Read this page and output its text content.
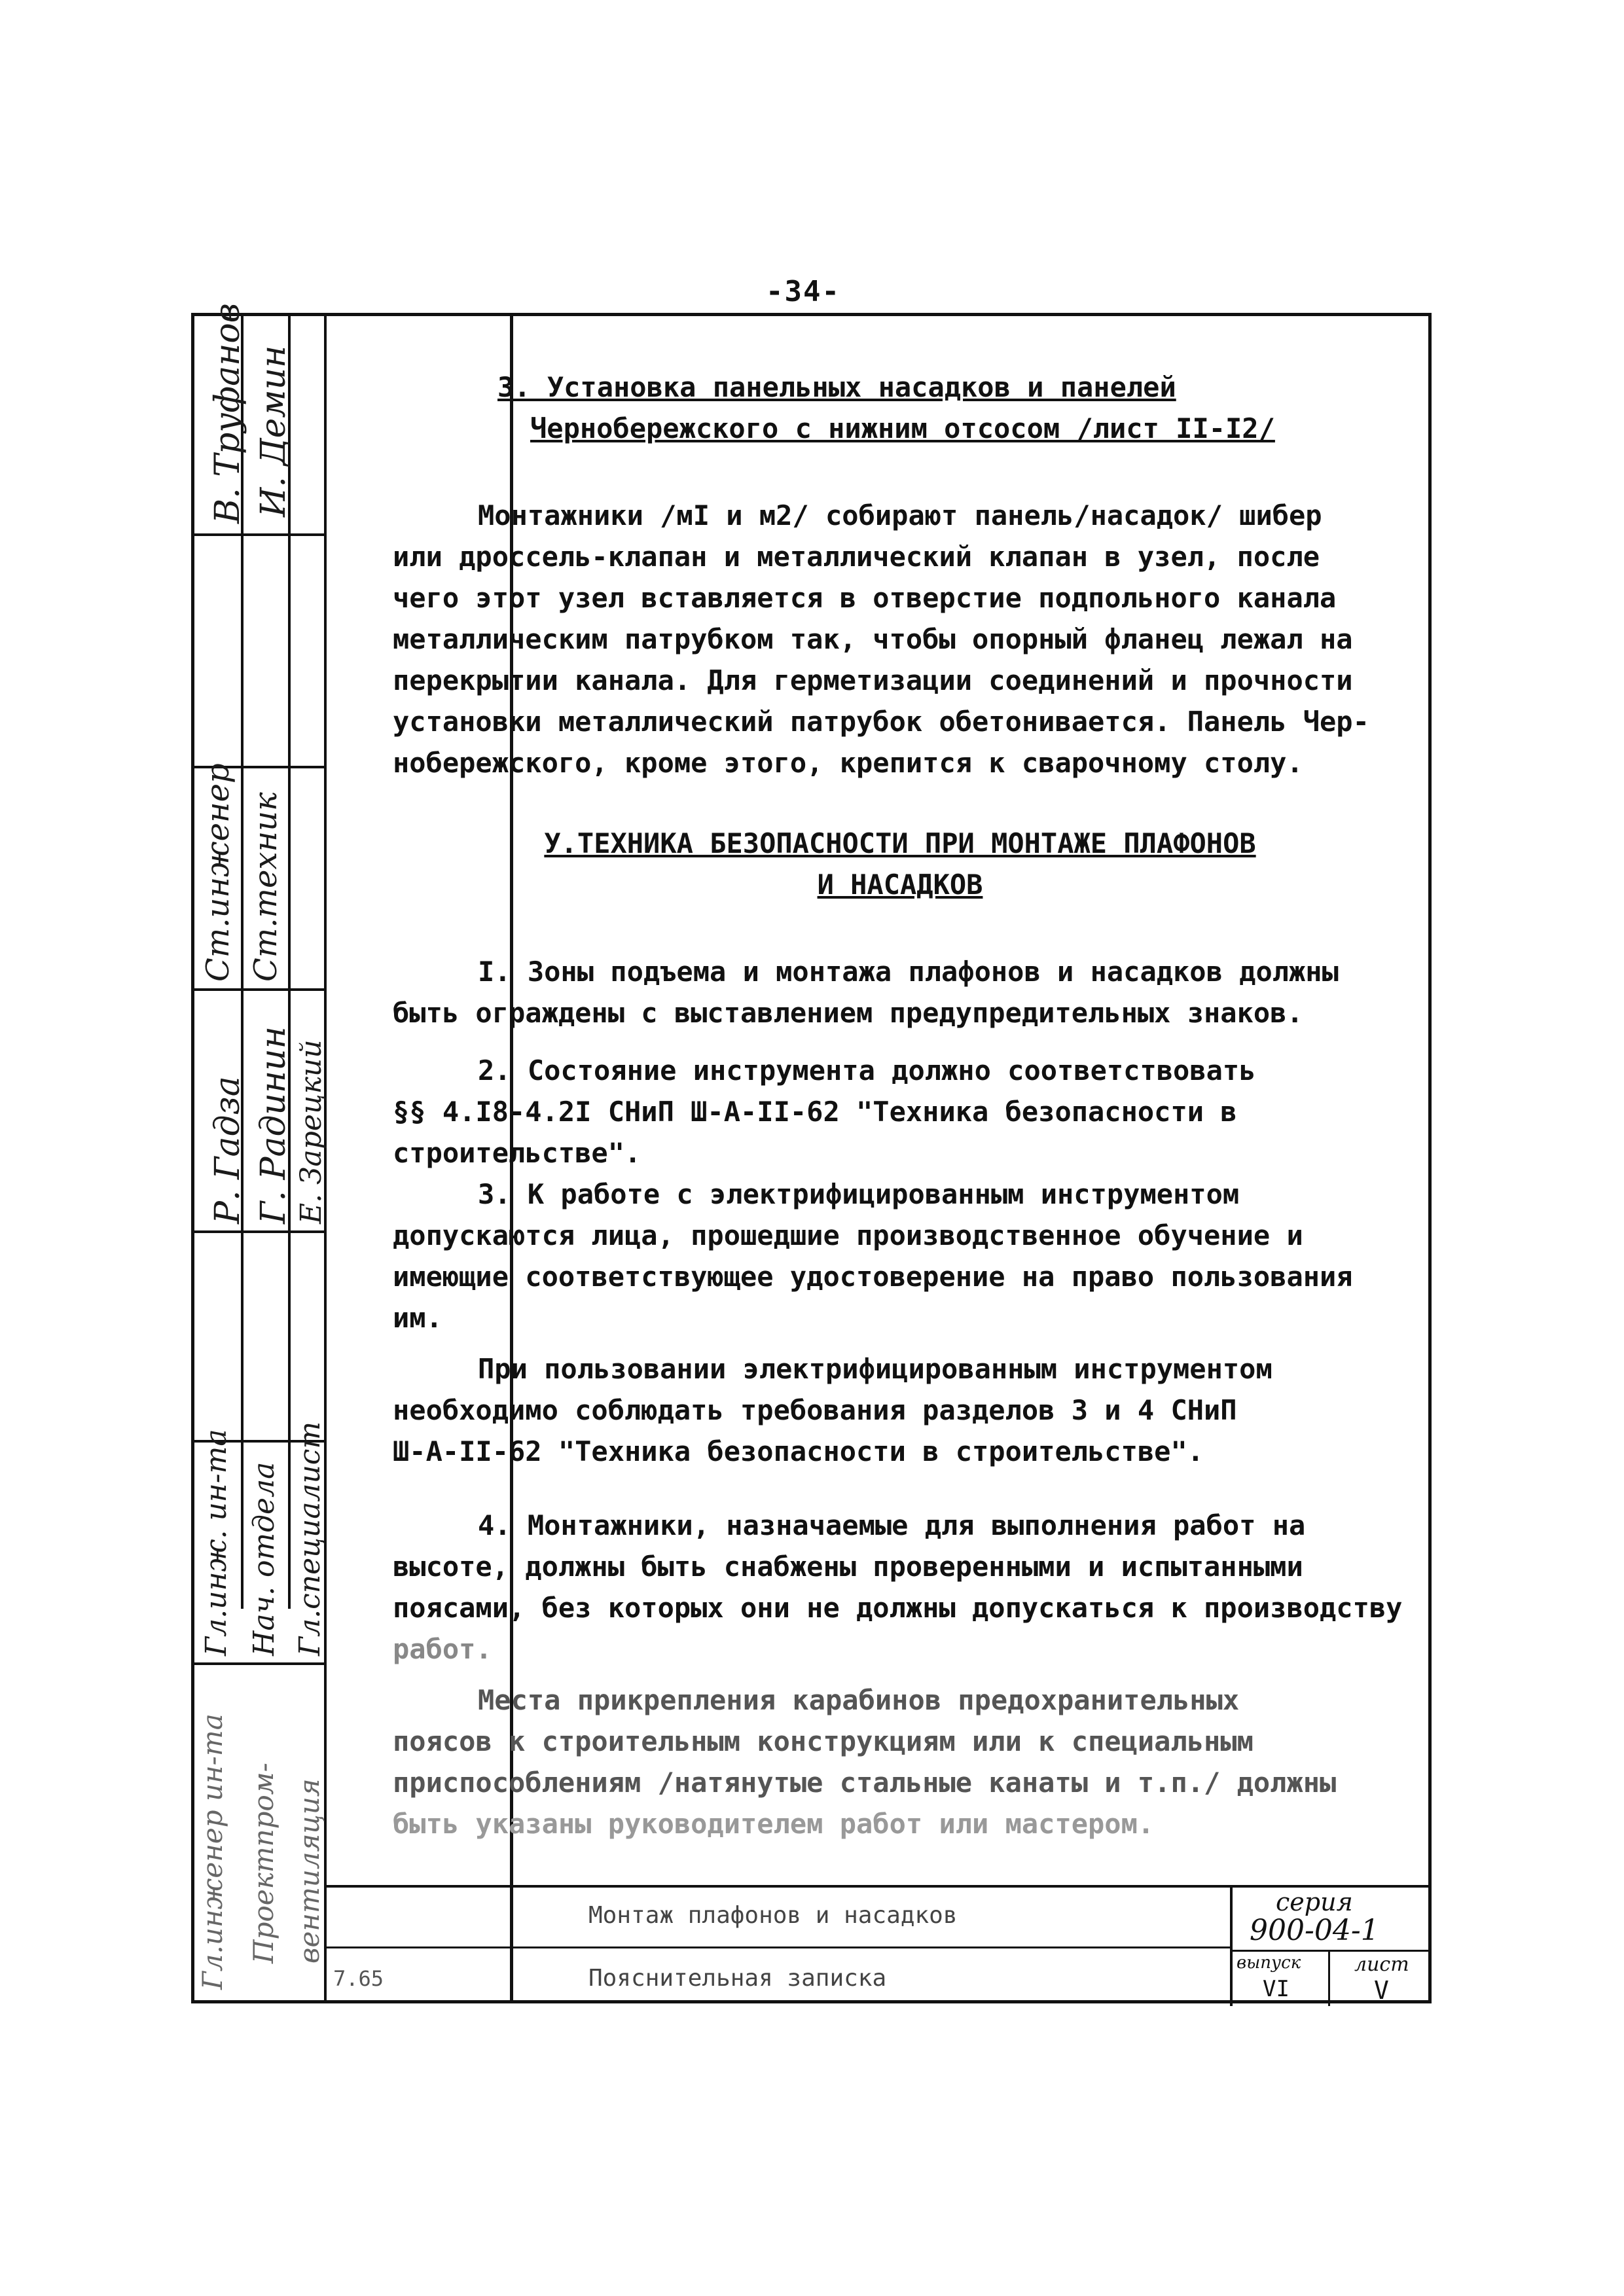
-34-
В. Труфанов И. Демин
Ст.инженер Ст.техник
Р. Гадза Г. Радинин Е. Зарецкий
Гл.инж. ин-та Нач. отдела Гл.специалист
Гл.инженер ин-та Проектпром- вентиляция
3. Установка панельных насадков и панелей
Чернобережского с нижним отсосом /лист II-I2/

Монтажники /мI и м2/ собирают панель/насадок/ шибер

или дроссель-клапан и металлический клапан в узел, после

чего этот узел вставляется в отверстие подпольного канала

металлическим патрубком так, чтобы опорный фланец лежал на

перекрытии канала. Для герметизации соединений и прочности

установки металлический патрубок обетонивается. Панель Чер-

нобережского, кроме этого, крепится к сварочному столу.

У.ТЕХНИКА БЕЗОПАСНОСТИ ПРИ МОНТАЖЕ ПЛАФОНОВ
И НАСАДКОВ

I. Зоны подъема и монтажа плафонов и насадков должны

быть ограждены с выставлением предупредительных знаков.

2. Состояние инструмента должно соответствовать

§§ 4.I8-4.2I СНиП Ш-А-II-62 "Техника безопасности в

строительстве".

3. К работе с электрифицированным инструментом

допускаются лица, прошедшие производственное обучение и

имеющие соответствующее удостоверение на право пользования

им.

При пользовании электрифицированным инструментом

необходимо соблюдать требования разделов 3 и 4 СНиП

Ш-А-II-62 "Техника безопасности в строительстве".

4. Монтажники, назначаемые для выполнения работ на

высоте, должны быть снабжены проверенными и испытанными

поясами, без которых они не должны допускаться к производству

работ.

Места прикрепления карабинов предохранительных

поясов к строительным конструкциям или к специальным

приспособлениям /натянутые стальные канаты и т.п./ должны

быть указаны руководителем работ или мастером.

Монтаж плафонов и насадков
Пояснительная записка
7.65
серия
900-04-1
выпуск	лист
VI	V
